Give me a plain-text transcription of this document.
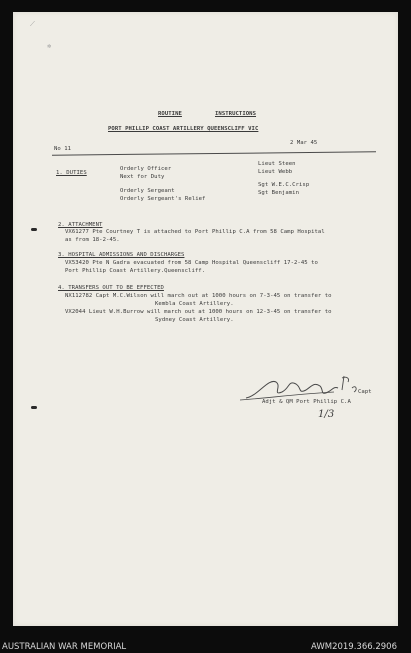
⟋
✲
ROUTINE	INSTRUCTIONS
PORT PHILLIP COAST ARTILLERY QUEENSCLIFF VIC
No 11
2 Mar 45
1. DUTIES
Orderly Officer
Lieut Steen
Next for Duty
Lieut Webb
Orderly Sergeant
Sgt W.E.C.Crisp
Orderly Sergeant's Relief
Sgt Benjamin
2. ATTACHMENT
VX61277 Pte Courtney T is attached to Port Phillip C.A from 58 Camp Hospital
as from 18-2-45.
3. HOSPITAL ADMISSIONS AND DISCHARGES
VX53420 Pte N Gadra evacuated from 58 Camp Hospital Queenscliff 17-2-45 to
Port Phillip Coast Artillery.Queenscliff.
4. TRANSFERS OUT TO BE EFFECTED
NX112782 Capt M.C.Wilson will march out at 1000 hours on 7-3-45 on transfer to
Kembla Coast Artillery.
VX2044 Lieut W.H.Burrow will march out at 1000 hours on 12-3-45 on transfer to
Sydney Coast Artillery.
Capt
Adjt & QM Port Phillip C.A
1/3
AUSTRALIAN WAR MEMORIAL	AWM2019.366.2906
